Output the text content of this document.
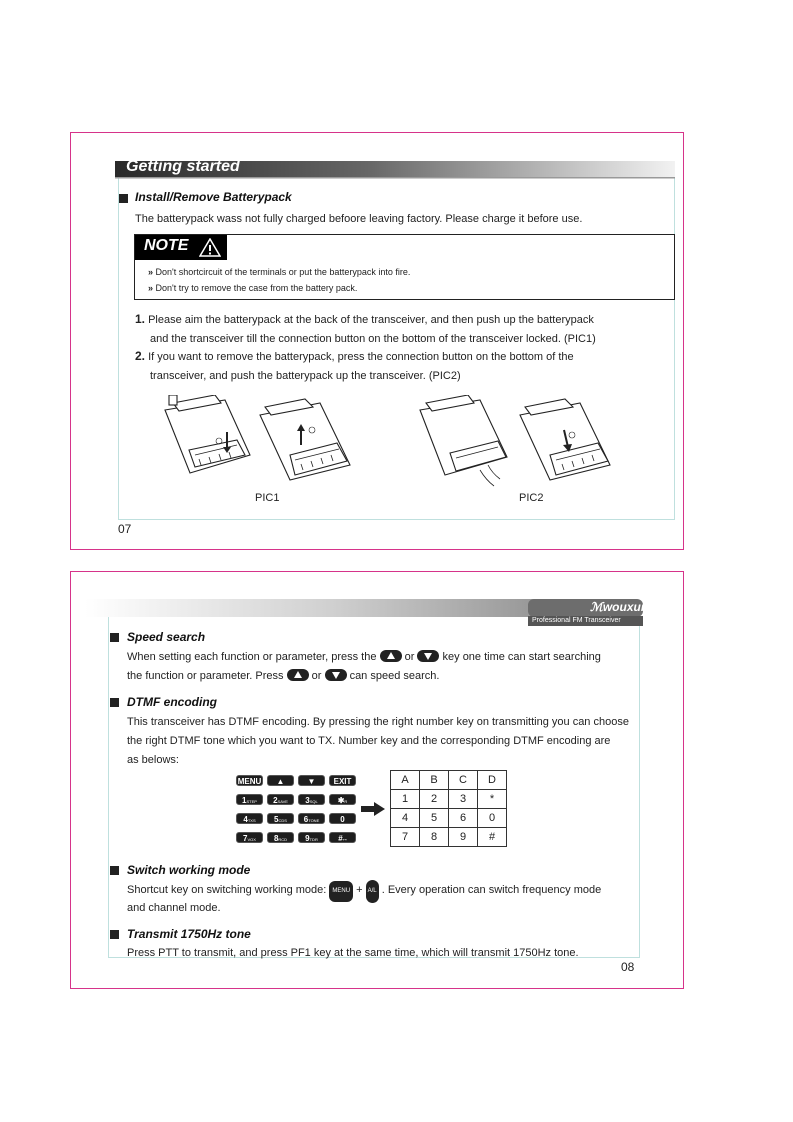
Getting started
Install/Remove Batterypack
The batterypack wass not fully charged befoore leaving factory. Please charge it before use.
NOTE
» Don't shortcircuit of the terminals or put the batterypack into fire.
» Don't try to remove the case from the battery pack.
1. Please aim the batterypack at the back of the transceiver, and then push up the batterypack
and the transceiver till the connection button on the bottom of the transceiver locked. (PIC1)
2. If you want to remove the batterypack, press the connection button on the bottom of the
transceiver, and push the batterypack up the transceiver. (PIC2)
PIC1	PIC2
07
ℳwouxun
Professional FM Transceiver
Speed search
When setting each function or parameter, press the	or	key one time can start searching
the function or parameter. Press	or	can speed search.
DTMF encoding
This transceiver has DTMF encoding. By pressing the right number key on transmitting you can choose
the right DTMF tone which you want to TX. Number key and the corresponding DTMF encoding are
as belows:
MENU	▲	▼	EXIT
1STEP	2SAVE	3SQL	✱R
4TXS	5CDS	6TONE	0
7VOX	8RCD	9TDR	#⊶
A	B	C	D
1	2	3	*
4	5	6	0
7	8	9	#
Switch working mode
Shortcut key on switching working mode: MENU + A/L . Every operation can switch frequency mode
and channel mode.
Transmit 1750Hz tone
Press PTT to transmit, and press PF1 key at the same time, which will transmit 1750Hz tone.
08
